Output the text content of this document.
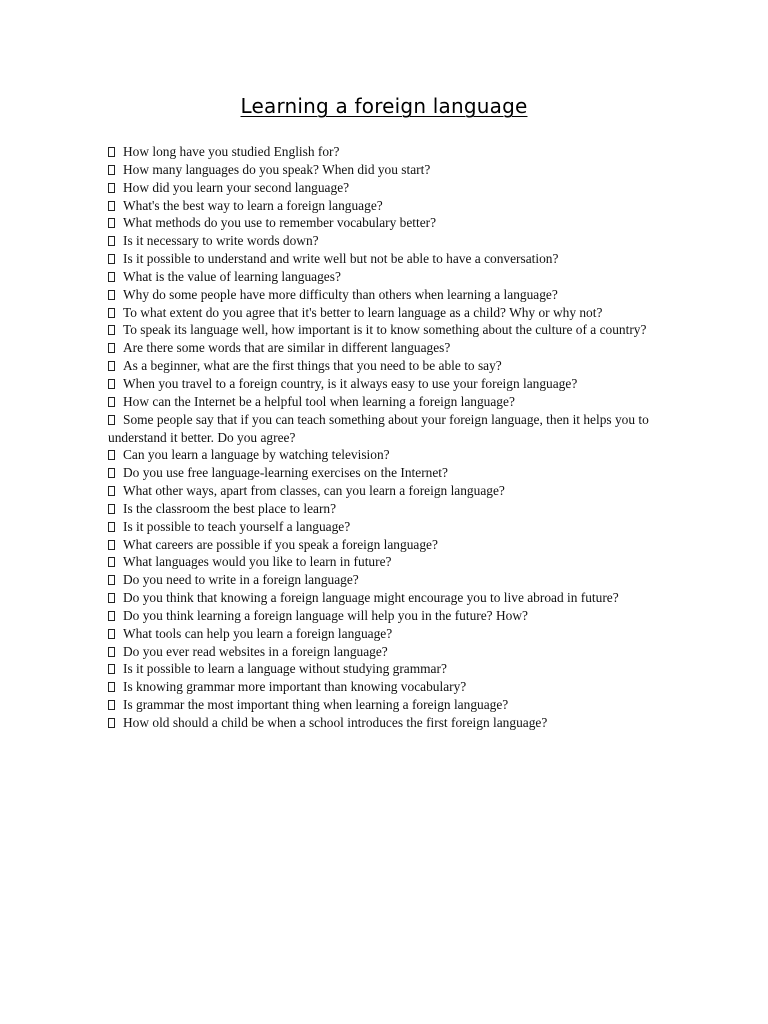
Learning a foreign language
How long have you studied English for?
How many languages do you speak? When did you start?
How did you learn your second language?
What's the best way to learn a foreign language?
What methods do you use to remember vocabulary better?
Is it necessary to write words down?
Is it possible to understand and write well but not be able to have a conversation?
What is the value of learning languages?
Why do some people have more difficulty than others when learning a language?
To what extent do you agree that it's better to learn language as a child? Why or why not?
To speak its language well, how important is it to know something about the culture of a country?
Are there some words that are similar in different languages?
As a beginner, what are the first things that you need to be able to say?
When you travel to a foreign country, is it always easy to use your foreign language?
How can the Internet be a helpful tool when learning a foreign language?
Some people say that if you can teach something about your foreign language, then it helps you to understand it better. Do you agree?
Can you learn a language by watching television?
Do you use free language-learning exercises on the Internet?
What other ways, apart from classes, can you learn a foreign language?
Is the classroom the best place to learn?
Is it possible to teach yourself a language?
What careers are possible if you speak a foreign language?
What languages would you like to learn in future?
Do you need to write in a foreign language?
Do you think that knowing a foreign language might encourage you to live abroad in future?
Do you think learning a foreign language will help you in the future? How?
What tools can help you learn a foreign language?
Do you ever read websites in a foreign language?
Is it possible to learn a language without studying grammar?
Is knowing grammar more important than knowing vocabulary?
Is grammar the most important thing when learning a foreign language?
How old should a child be when a school introduces the first foreign language?
